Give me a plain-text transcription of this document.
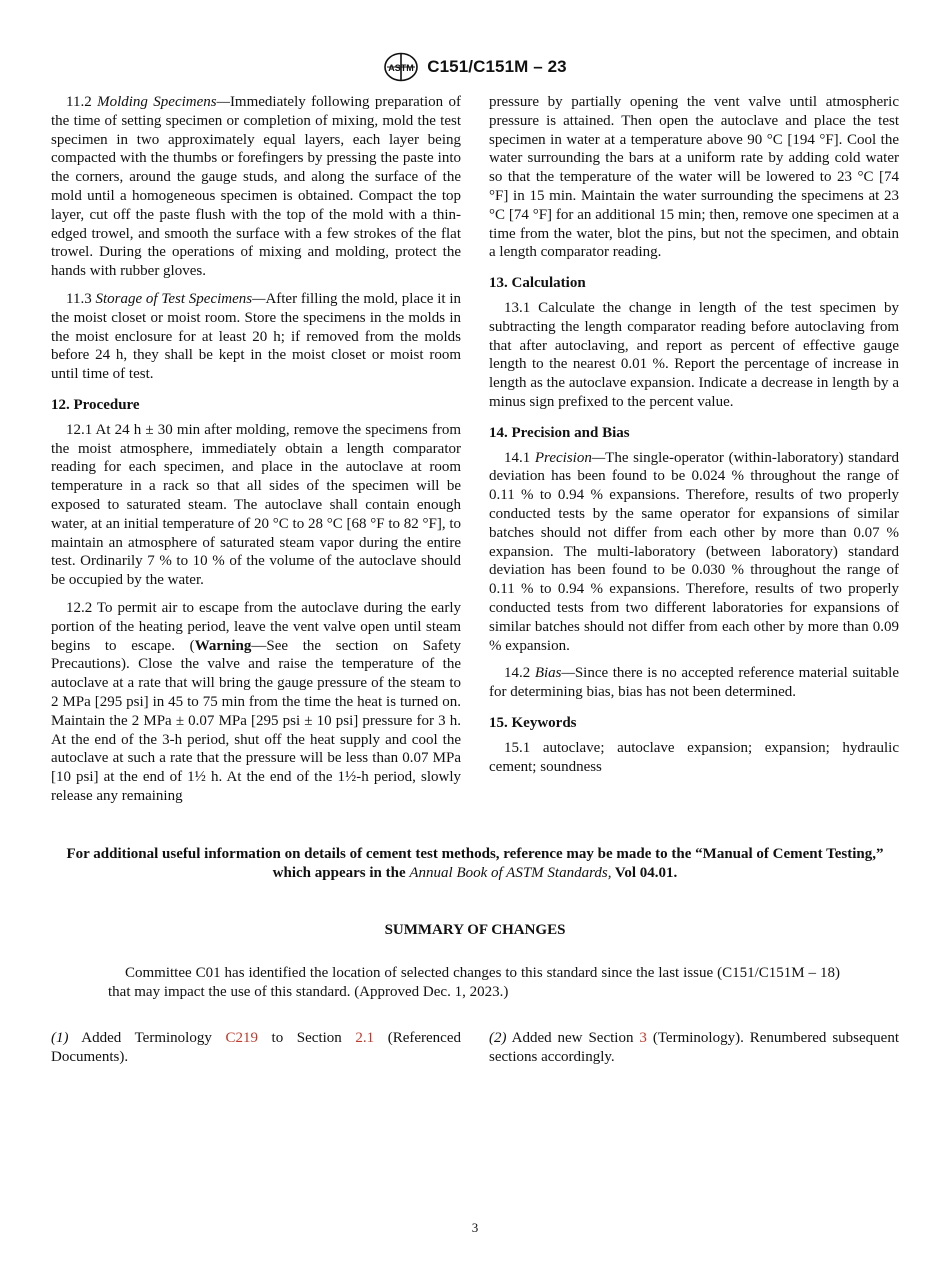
ASTM C151/C151M – 23

11.2 Molding Specimens—Immediately following preparation of the time of setting specimen or completion of mixing, mold the test specimen in two approximately equal layers, each layer being compacted with the thumbs or forefingers by pressing the paste into the corners, around the gauge studs, and along the surface of the mold until a homogeneous specimen is obtained. Compact the top layer, cut off the paste flush with the top of the mold with a thin-edged trowel, and smooth the surface with a few strokes of the flat trowel. During the operations of mixing and molding, protect the hands with rubber gloves.

11.3 Storage of Test Specimens—After filling the mold, place it in the moist closet or moist room. Store the specimens in the molds in the moist enclosure for at least 20 h; if removed from the molds before 24 h, they shall be kept in the moist closet or moist room until time of test.

12. Procedure

12.1 At 24 h ± 30 min after molding, remove the specimens from the moist atmosphere, immediately obtain a length comparator reading for each specimen, and place in the autoclave at room temperature in a rack so that all sides of the specimen will be exposed to saturated steam. The autoclave shall contain enough water, at an initial temperature of 20 °C to 28 °C [68 °F to 82 °F], to maintain an atmosphere of saturated steam vapor during the entire test. Ordinarily 7 % to 10 % of the volume of the autoclave should be occupied by the water.

12.2 To permit air to escape from the autoclave during the early portion of the heating period, leave the vent valve open until steam begins to escape. (Warning—See the section on Safety Precautions). Close the valve and raise the temperature of the autoclave at a rate that will bring the gauge pressure of the steam to 2 MPa [295 psi] in 45 to 75 min from the time the heat is turned on. Maintain the 2 MPa ± 0.07 MPa [295 psi ± 10 psi] pressure for 3 h. At the end of the 3-h period, shut off the heat supply and cool the autoclave at such a rate that the pressure will be less than 0.07 MPa [10 psi] at the end of 1½ h. At the end of the 1½-h period, slowly release any remaining

pressure by partially opening the vent valve until atmospheric pressure is attained. Then open the autoclave and place the test specimen in water at a temperature above 90 °C [194 °F]. Cool the water surrounding the bars at a uniform rate by adding cold water so that the temperature of the water will be lowered to 23 °C [74 °F] in 15 min. Maintain the water surrounding the specimens at 23 °C [74 °F] for an additional 15 min; then, remove one specimen at a time from the water, blot the pins, but not the specimen, and obtain a length comparator reading.

13. Calculation

13.1 Calculate the change in length of the test specimen by subtracting the length comparator reading before autoclaving from that after autoclaving, and report as percent of effective gauge length to the nearest 0.01 %. Report the percentage of increase in length as the autoclave expansion. Indicate a decrease in length by a minus sign prefixed to the percent value.

14. Precision and Bias

14.1 Precision—The single-operator (within-laboratory) standard deviation has been found to be 0.024 % throughout the range of 0.11 % to 0.94 % expansions. Therefore, results of two properly conducted tests by the same operator for expansions of similar batches should not differ from each other by more than 0.07 % expansion. The multi-laboratory (between laboratory) standard deviation has been found to be 0.030 % throughout the range of 0.11 % to 0.94 % expansions. Therefore, results of two properly conducted tests from two different laboratories for expansions of similar batches should not differ from each other by more than 0.09 % expansion.

14.2 Bias—Since there is no accepted reference material suitable for determining bias, bias has not been determined.

15. Keywords

15.1 autoclave; autoclave expansion; expansion; hydraulic cement; soundness

For additional useful information on details of cement test methods, reference may be made to the “Manual of Cement Testing,” which appears in the Annual Book of ASTM Standards, Vol 04.01.
SUMMARY OF CHANGES
Committee C01 has identified the location of selected changes to this standard since the last issue (C151/C151M – 18) that may impact the use of this standard. (Approved Dec. 1, 2023.)
(1) Added Terminology C219 to Section 2.1 (Referenced Documents).
(2) Added new Section 3 (Terminology). Renumbered subsequent sections accordingly.
3
